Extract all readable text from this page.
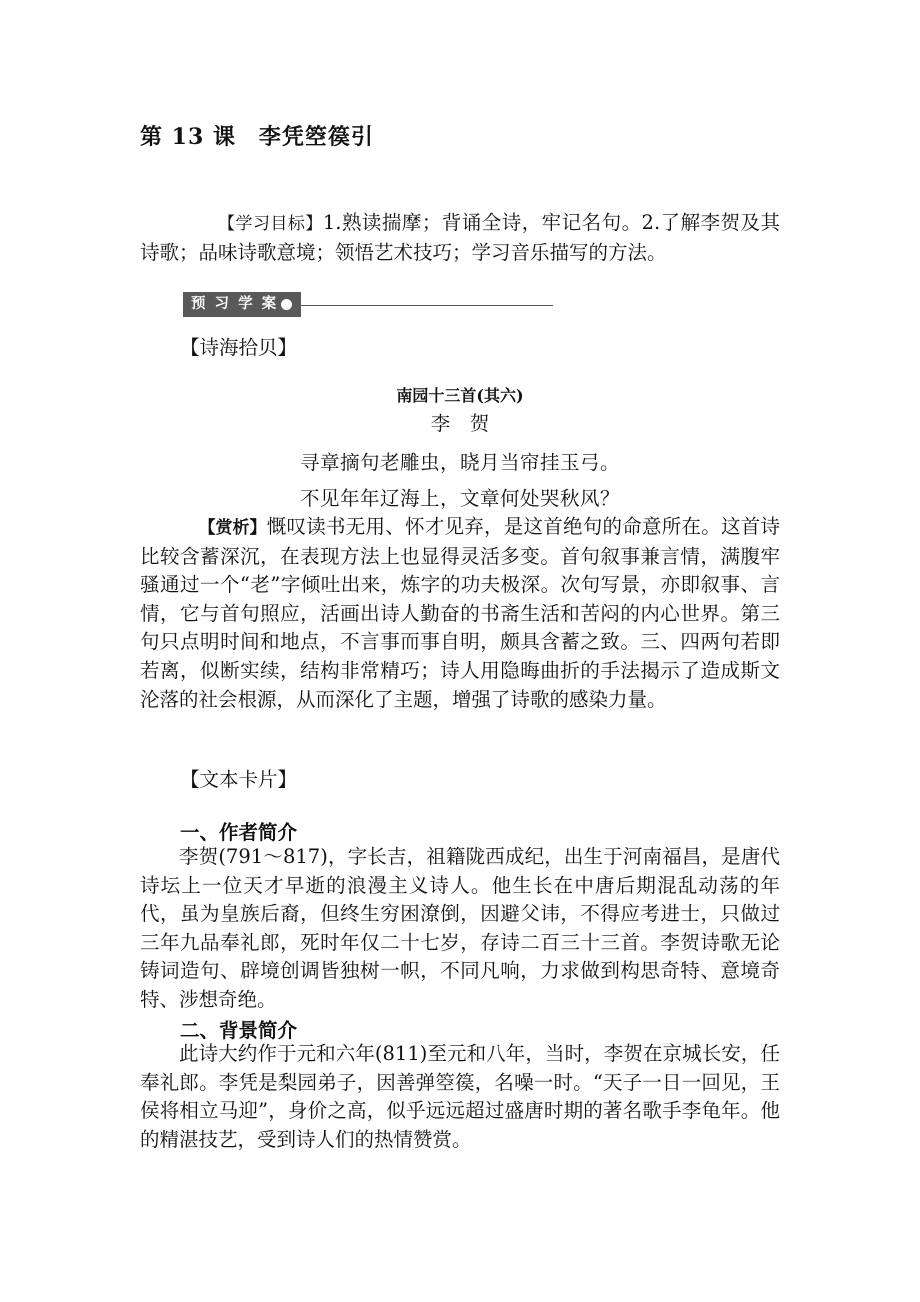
第 13 课　李凭箜篌引

【学习目标】1.熟读揣摩；背诵全诗，牢记名句。2.了解李贺及其诗歌；品味诗歌意境；领悟艺术技巧；学习音乐描写的方法。

预 习 学 案
【诗海拾贝】
南园十三首(其六)
李　贺
寻章摘句老雕虫，晓月当帘挂玉弓。
不见年年辽海上，文章何处哭秋风？

【赏析】慨叹读书无用、怀才见弃，是这首绝句的命意所在。这首诗比较含蓄深沉，在表现方法上也显得灵活多变。首句叙事兼言情，满腹牢骚通过一个“老”字倾吐出来，炼字的功夫极深。次句写景，亦即叙事、言情，它与首句照应，活画出诗人勤奋的书斋生活和苦闷的内心世界。第三句只点明时间和地点，不言事而事自明，颇具含蓄之致。三、四两句若即若离，似断实续，结构非常精巧；诗人用隐晦曲折的手法揭示了造成斯文沦落的社会根源，从而深化了主题，增强了诗歌的感染力量。

【文本卡片】
一、作者简介

李贺(791～817)，字长吉，祖籍陇西成纪，出生于河南福昌，是唐代诗坛上一位天才早逝的浪漫主义诗人。他生长在中唐后期混乱动荡的年代，虽为皇族后裔，但终生穷困潦倒，因避父讳，不得应考进士，只做过三年九品奉礼郎，死时年仅二十七岁，存诗二百三十三首。李贺诗歌无论铸词造句、辟境创调皆独树一帜，不同凡响，力求做到构思奇特、意境奇特、涉想奇绝。

二、背景简介

此诗大约作于元和六年(811)至元和八年，当时，李贺在京城长安，任奉礼郎。李凭是梨园弟子，因善弹箜篌，名噪一时。“天子一日一回见，王侯将相立马迎”，身价之高，似乎远远超过盛唐时期的著名歌手李龟年。他的精湛技艺，受到诗人们的热情赞赏。
